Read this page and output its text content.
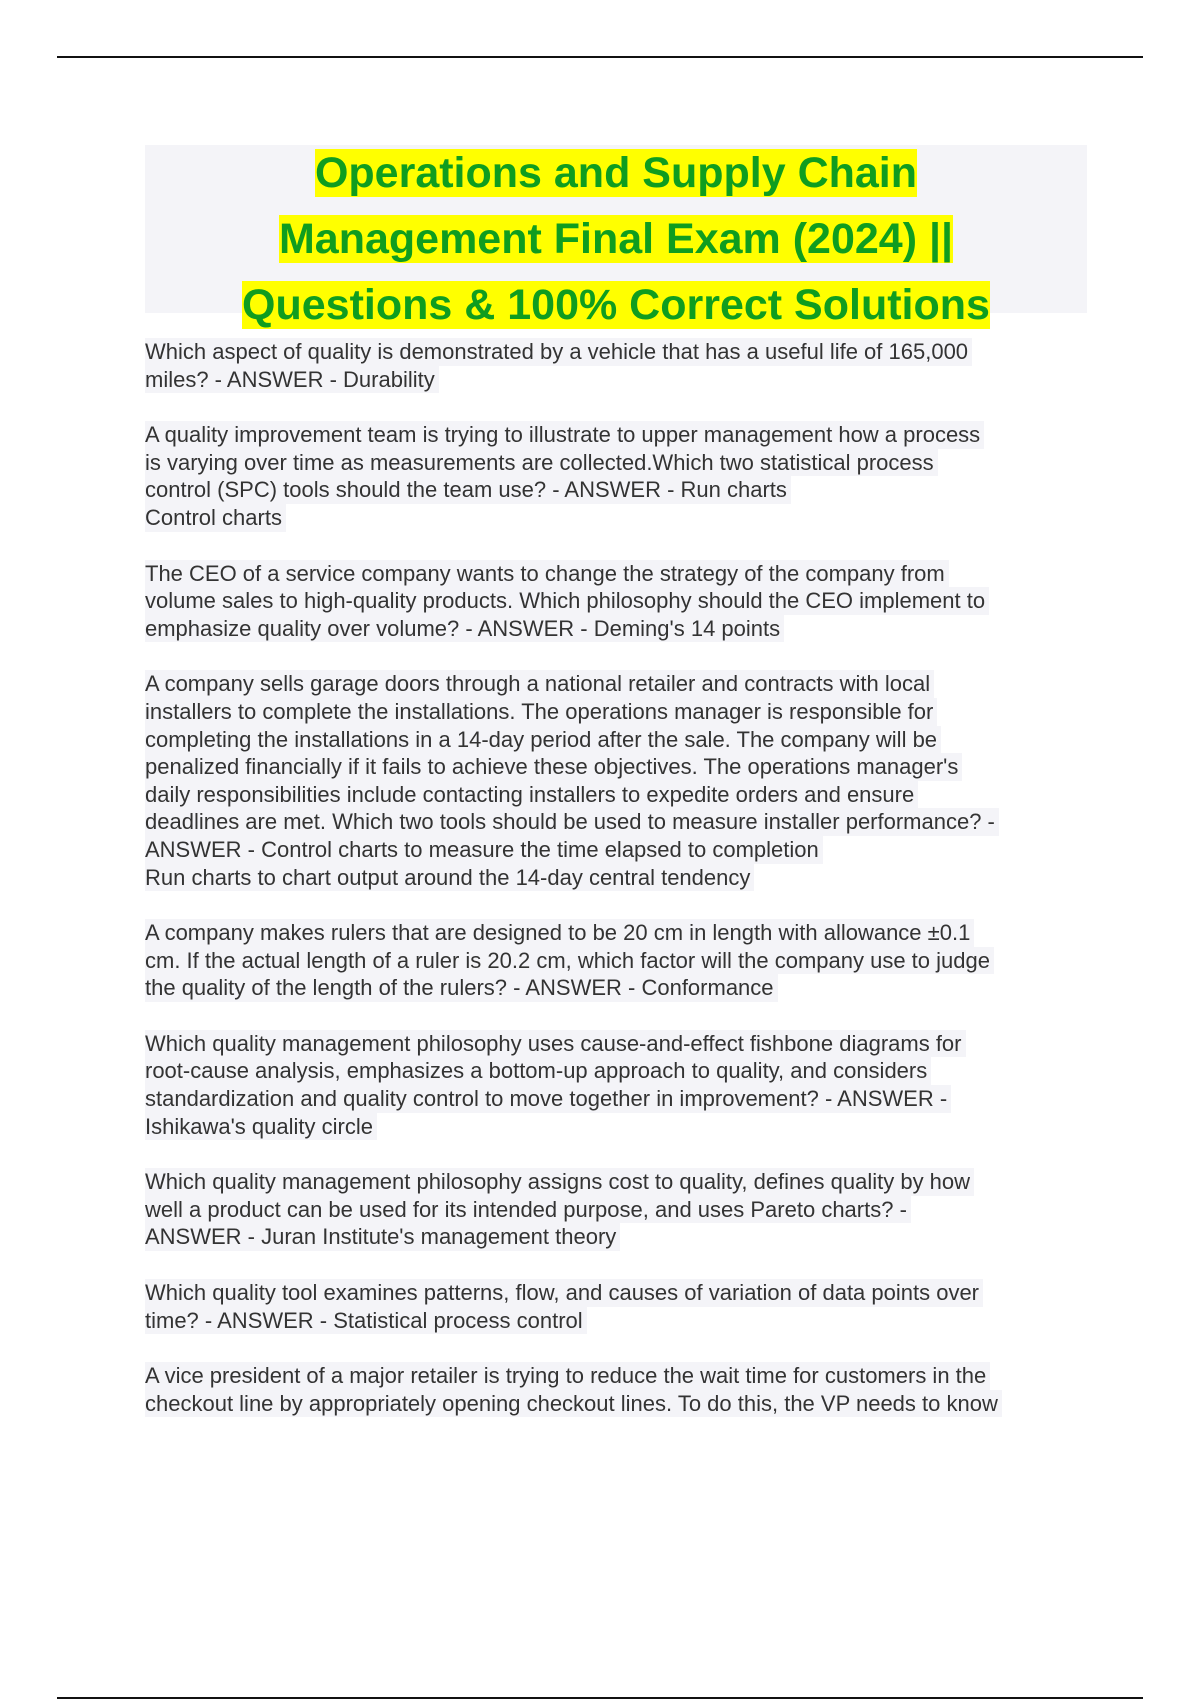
Operations and Supply Chain
Management Final Exam (2024) ||
Questions & 100% Correct Solutions
Which aspect of quality is demonstrated by a vehicle that has a useful life of 165,000
miles? - ANSWER - Durability
A quality improvement team is trying to illustrate to upper management how a process
is varying over time as measurements are collected.Which two statistical process
control (SPC) tools should the team use? - ANSWER - Run charts
Control charts
The CEO of a service company wants to change the strategy of the company from
volume sales to high-quality products. Which philosophy should the CEO implement to
emphasize quality over volume? - ANSWER - Deming's 14 points
A company sells garage doors through a national retailer and contracts with local
installers to complete the installations. The operations manager is responsible for
completing the installations in a 14-day period after the sale. The company will be
penalized financially if it fails to achieve these objectives. The operations manager's
daily responsibilities include contacting installers to expedite orders and ensure
deadlines are met. Which two tools should be used to measure installer performance? -
ANSWER - Control charts to measure the time elapsed to completion
Run charts to chart output around the 14-day central tendency
A company makes rulers that are designed to be 20 cm in length with allowance ±0.1
cm. If the actual length of a ruler is 20.2 cm, which factor will the company use to judge
the quality of the length of the rulers? - ANSWER - Conformance
Which quality management philosophy uses cause-and-effect fishbone diagrams for
root-cause analysis, emphasizes a bottom-up approach to quality, and considers
standardization and quality control to move together in improvement? - ANSWER -
Ishikawa's quality circle
Which quality management philosophy assigns cost to quality, defines quality by how
well a product can be used for its intended purpose, and uses Pareto charts? -
ANSWER - Juran Institute's management theory
Which quality tool examines patterns, flow, and causes of variation of data points over
time? - ANSWER - Statistical process control
A vice president of a major retailer is trying to reduce the wait time for customers in the
checkout line by appropriately opening checkout lines. To do this, the VP needs to know
